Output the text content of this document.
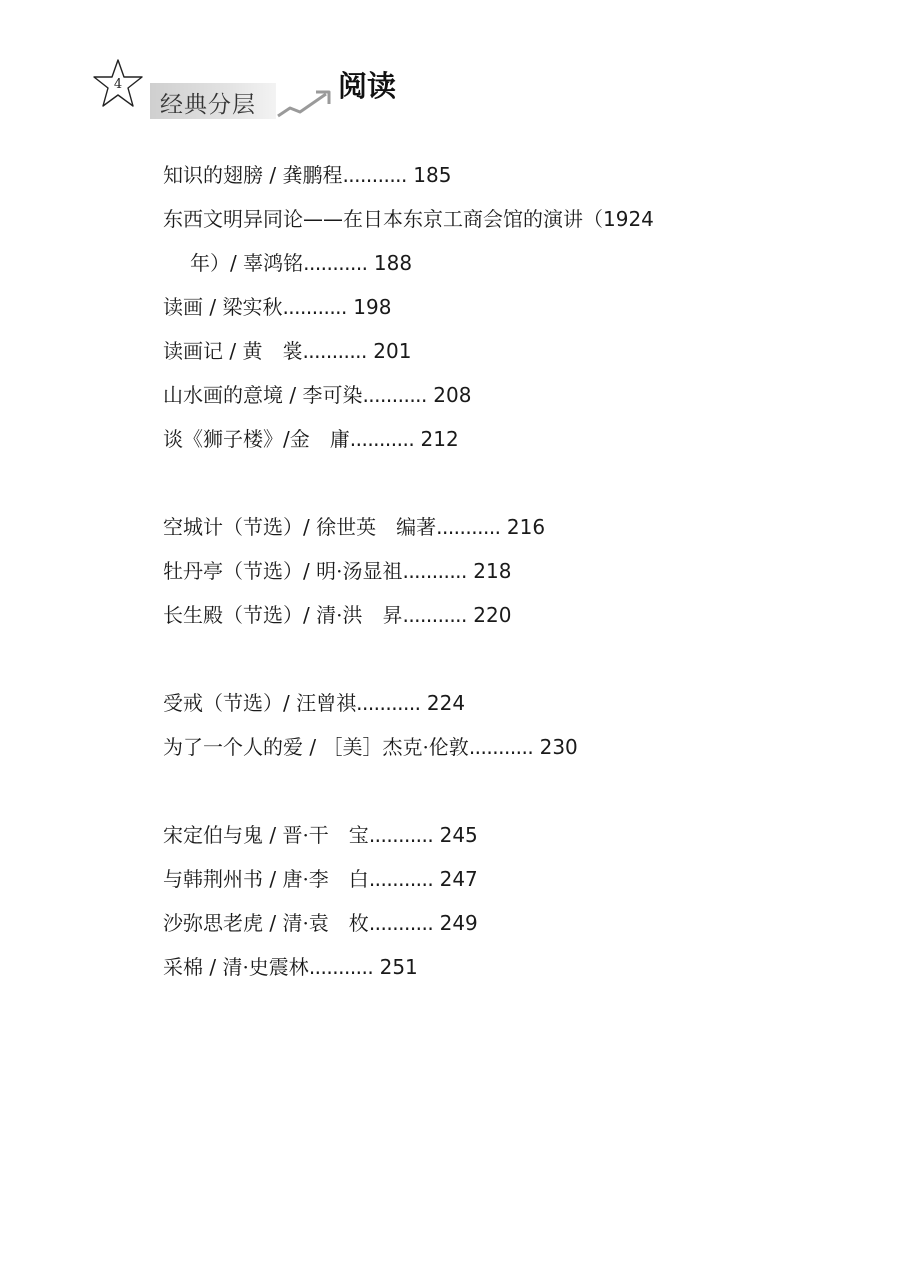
4
经典分层
阅读
知识的翅膀 / 龚鹏程........... 185
东西文明异同论——在日本东京工商会馆的演讲（1924
年）/ 辜鸿铭........... 188
读画 / 梁实秋........... 198
读画记 / 黄　裳........... 201
山水画的意境 / 李可染........... 208
谈《狮子楼》/金　庸........... 212
空城计（节选）/ 徐世英　编著........... 216
牡丹亭（节选）/ 明·汤显祖........... 218
长生殿（节选）/ 清·洪　昇........... 220
受戒（节选）/ 汪曾祺........... 224
为了一个人的爱 / ［美］杰克·伦敦........... 230
宋定伯与鬼 / 晋·干　宝........... 245
与韩荆州书 / 唐·李　白........... 247
沙弥思老虎 / 清·袁　枚........... 249
采棉 / 清·史震林........... 251
